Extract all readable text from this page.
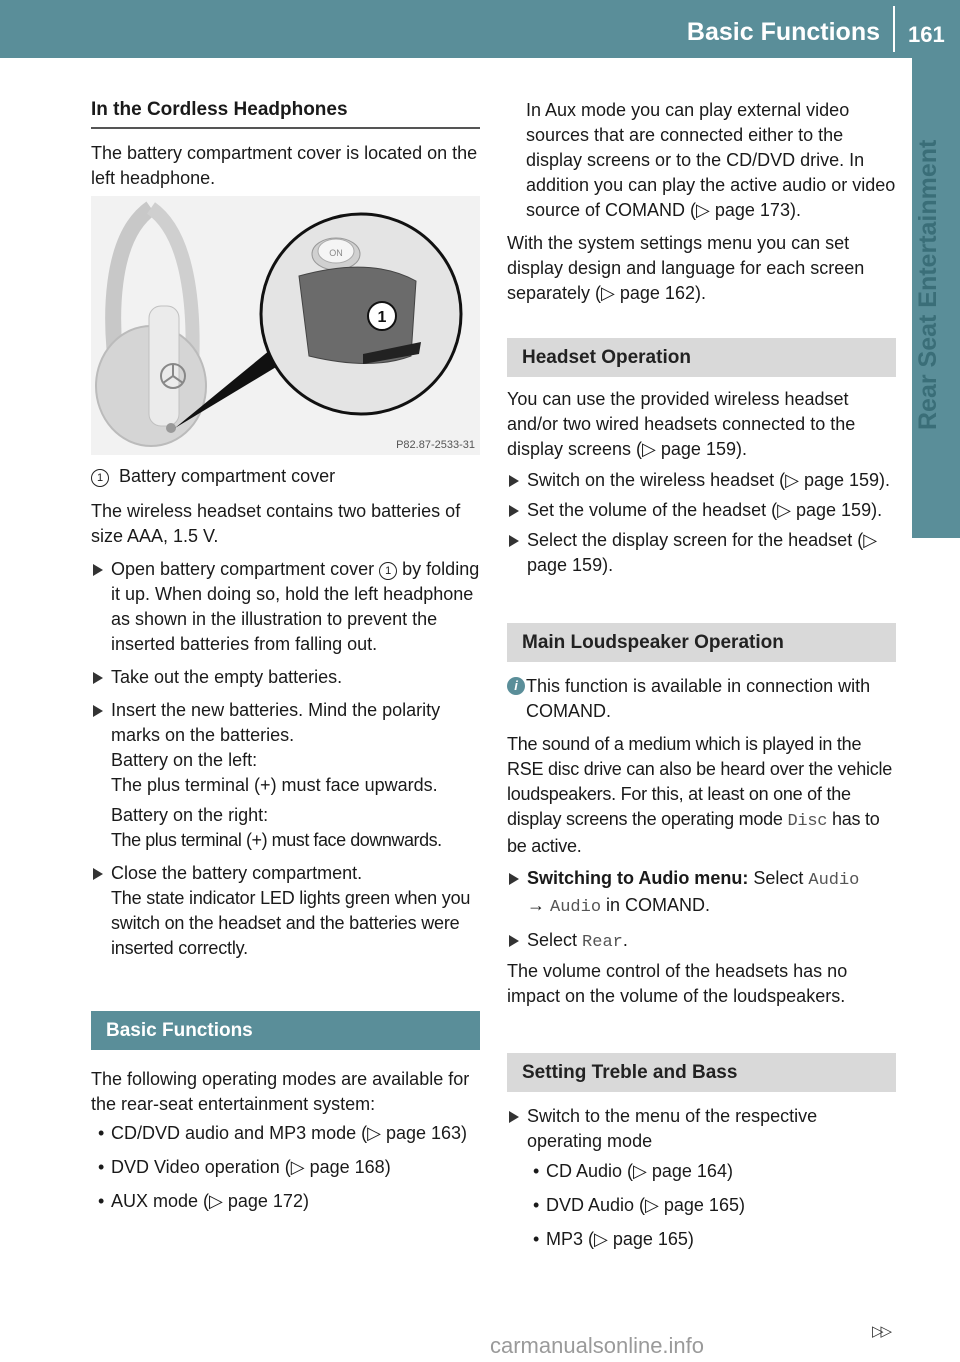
Basic Functions 161
Rear Seat Entertainment
In the Cordless Headphones

The battery compartment cover is located on the left headphone.

1
ON
P82.87-2533-31

1 Battery compartment cover

The wireless headset contains two batteries of size AAA, 1.5 V.

Open battery compartment cover 1 by folding it up. When doing so, hold the left headphone as shown in the illustration to prevent the inserted batteries from falling out.
Take out the empty batteries.
Insert the new batteries. Mind the polarity marks on the batteries.
Battery on the left:
The plus terminal (+) must face upwards.
Battery on the right:
The plus terminal (+) must face downwards.
Close the battery compartment.
The state indicator LED lights green when you switch on the headset and the batteries were inserted correctly.
Basic Functions

The following operating modes are available for the rear-seat entertainment system:

• CD/DVD audio and MP3 mode (▷ page 163)
• DVD Video operation (▷ page 168)
• AUX mode (▷ page 172)

In Aux mode you can play external video sources that are connected either to the display screens or to the CD/DVD drive. In addition you can play the active audio or video source of COMAND (▷ page 173).

With the system settings menu you can set display design and language for each screen separately (▷ page 162).

Headset Operation

You can use the provided wireless headset and/or two wired headsets connected to the display screens (▷ page 159).

Switch on the wireless headset (▷ page 159).
Set the volume of the headset (▷ page 159).
Select the display screen for the headset (▷ page 159).
Main Loudspeaker Operation
i This function is available in connection with COMAND.

The sound of a medium which is played in the RSE disc drive can also be heard over the vehicle loudspeakers. For this, at least on one of the display screens the operating mode Disc has to be active.

Switching to Audio menu: Select Audio
→ Audio in COMAND.
Select Rear.

The volume control of the headsets has no impact on the volume of the loudspeakers.

Setting Treble and Bass
Switch to the menu of the respective operating mode
• CD Audio (▷ page 164)
• DVD Audio (▷ page 165)
• MP3 (▷ page 165)
▷▷
carmanualsonline.info
